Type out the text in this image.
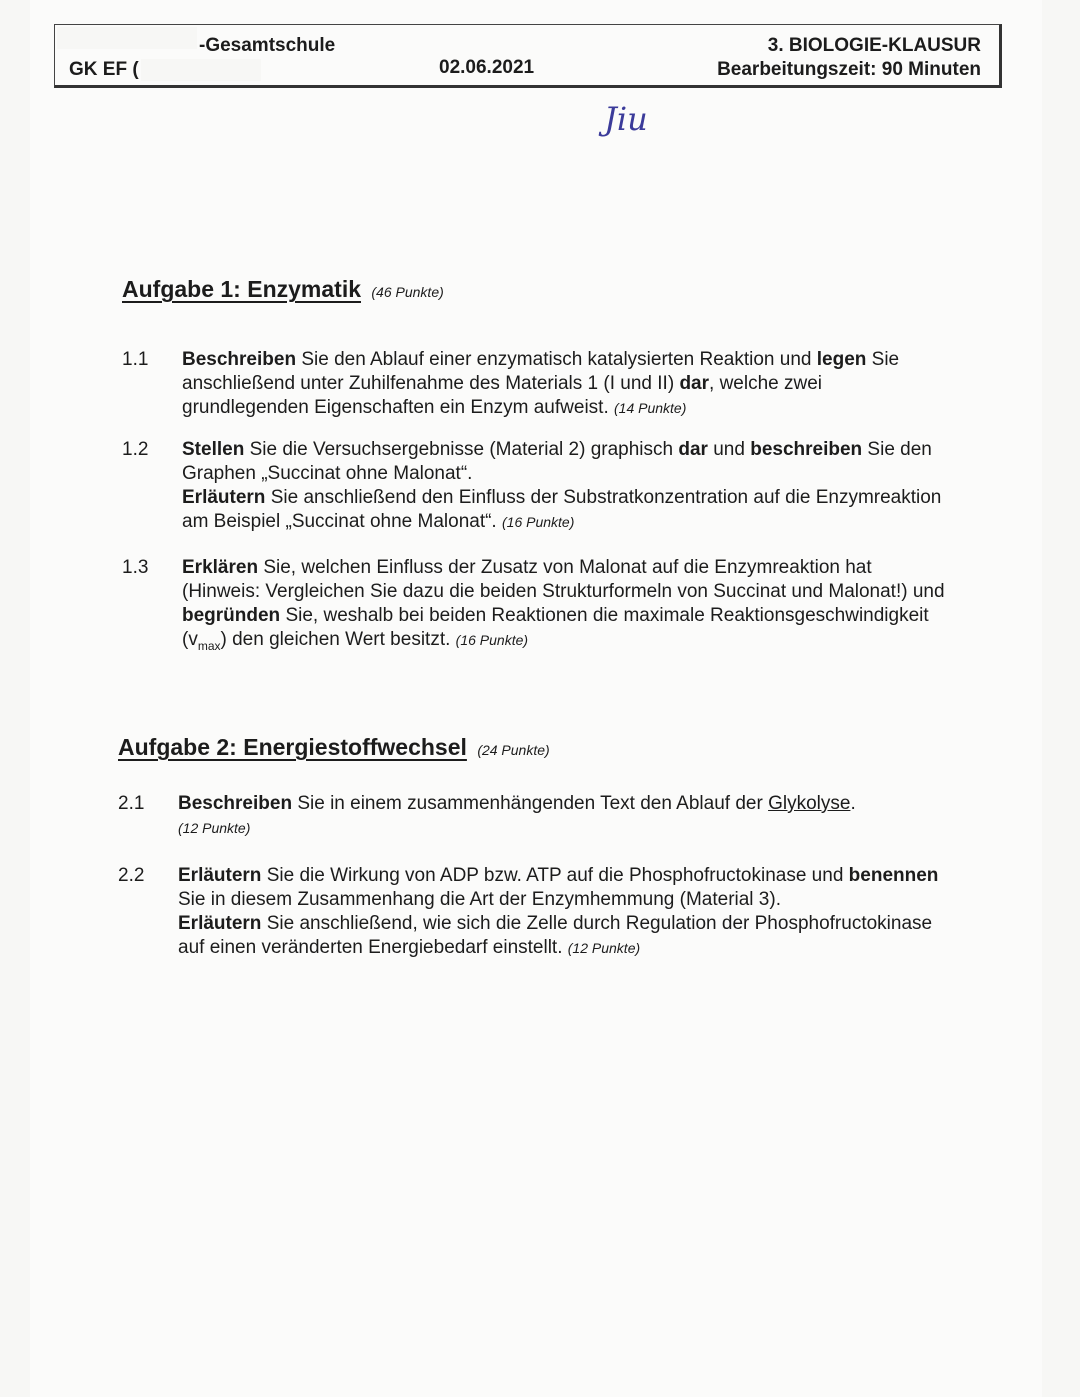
-Gesamtschule
GK EF (	02.06.2021
3. BIOLOGIE-KLAUSUR
Bearbeitungszeit: 90 Minuten
Jiu
Aufgabe 1: Enzymatik (46 Punkte)
1.1	Beschreiben Sie den Ablauf einer enzymatisch katalysierten Reaktion und legen Sie anschließend unter Zuhilfenahme des Materials 1 (I und II) dar, welche zwei grundlegenden Eigenschaften ein Enzym aufweist. (14 Punkte)
1.2	Stellen Sie die Versuchsergebnisse (Material 2) graphisch dar und beschreiben Sie den Graphen „Succinat ohne Malonat“.
Erläutern Sie anschließend den Einfluss der Substratkonzentration auf die Enzymreaktion am Beispiel „Succinat ohne Malonat“. (16 Punkte)
1.3	Erklären Sie, welchen Einfluss der Zusatz von Malonat auf die Enzymreaktion hat (Hinweis: Vergleichen Sie dazu die beiden Strukturformeln von Succinat und Malonat!) und begründen Sie, weshalb bei beiden Reaktionen die maximale Reaktionsgeschwindigkeit $(v_{max})$ den gleichen Wert besitzt. (16 Punkte)
Aufgabe 2: Energiestoffwechsel (24 Punkte)
2.1	Beschreiben Sie in einem zusammenhängenden Text den Ablauf der Glykolyse.
(12 Punkte)
2.2	Erläutern Sie die Wirkung von ADP bzw. ATP auf die Phosphofructokinase und benennen Sie in diesem Zusammenhang die Art der Enzymhemmung (Material 3).
Erläutern Sie anschließend, wie sich die Zelle durch Regulation der Phosphofructokinase auf einen veränderten Energiebedarf einstellt. (12 Punkte)
